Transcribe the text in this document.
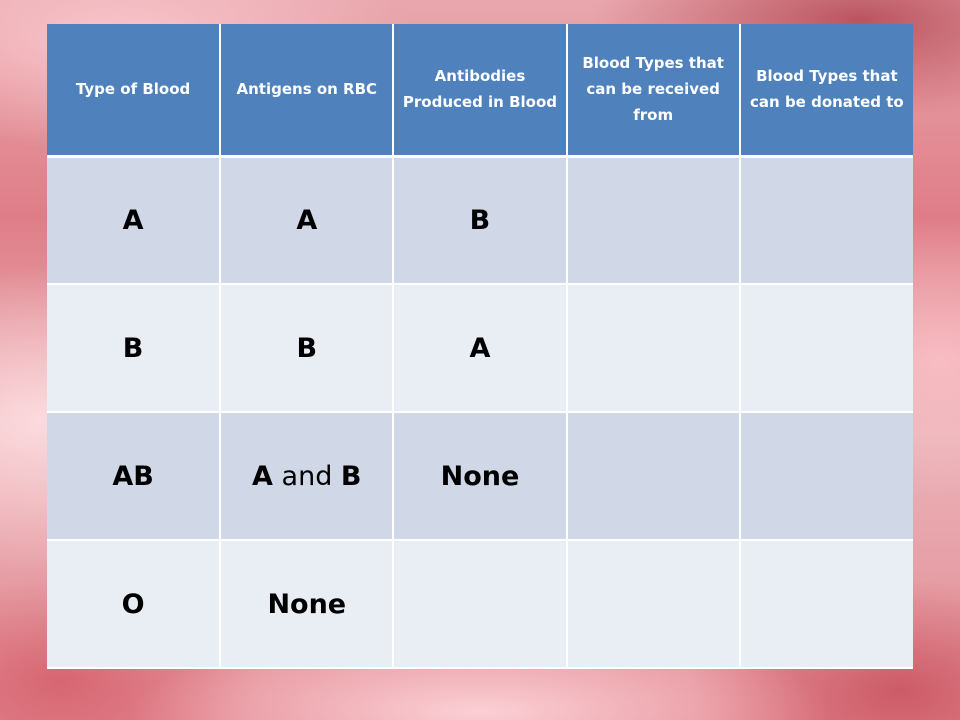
Type of Blood	Antigens on RBC	Antibodies Produced in Blood	Blood Types that can be received from	Blood Types that can be donated to
A	A	B		
B	B	A		
AB	A and B	None		
O	None			
